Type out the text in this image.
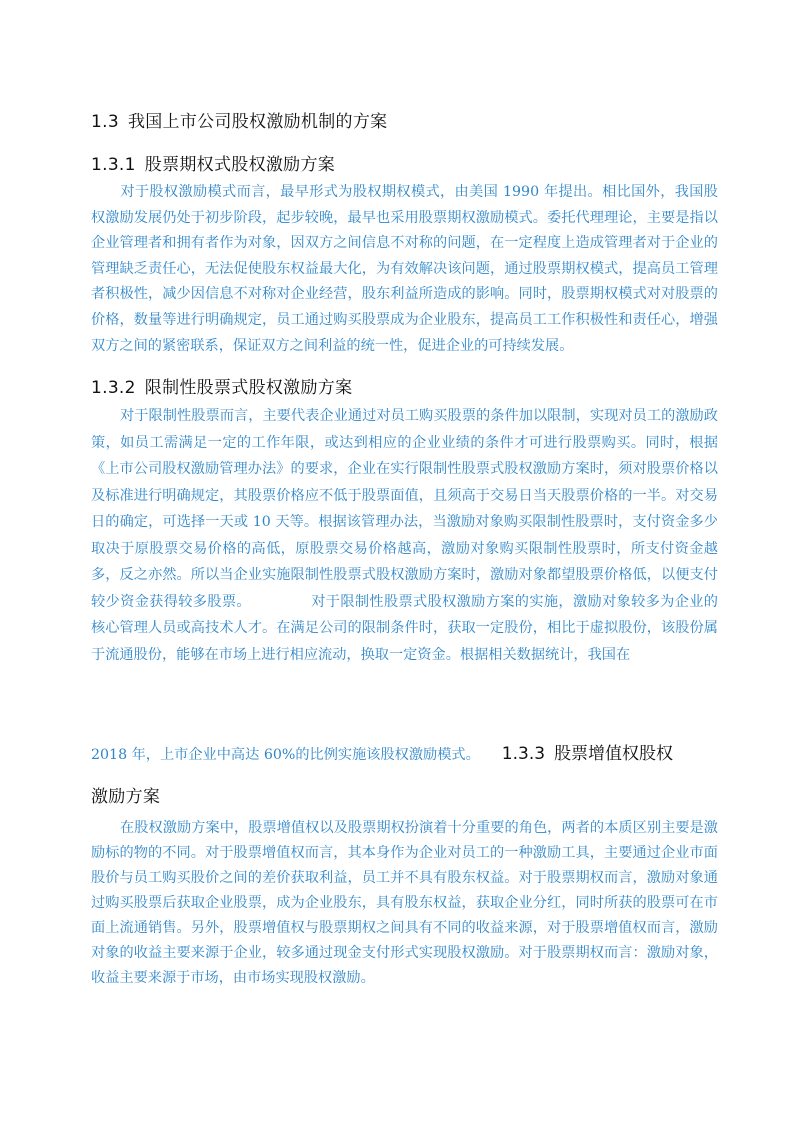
1.3 我国上市公司股权激励机制的方案
1.3.1 股票期权式股权激励方案
对于股权激励模式而言，最早形式为股权期权模式，由美国 1990 年提出。相比国外，我国股权激励发展仍处于初步阶段，起步较晚，最早也采用股票期权激励模式。委托代理理论，主要是指以企业管理者和拥有者作为对象，因双方之间信息不对称的问题，在一定程度上造成管理者对于企业的管理缺乏责任心，无法促使股东权益最大化，为有效解决该问题，通过股票期权模式，提高员工管理者积极性，减少因信息不对称对企业经营，股东利益所造成的影响。同时，股票期权模式对对股票的价格，数量等进行明确规定，员工通过购买股票成为企业股东，提高员工工作积极性和责任心，增强双方之间的紧密联系，保证双方之间利益的统一性，促进企业的可持续发展。
1.3.2 限制性股票式股权激励方案
对于限制性股票而言，主要代表企业通过对员工购买股票的条件加以限制，实现对员工的激励政策，如员工需满足一定的工作年限，或达到相应的企业业绩的条件才可进行股票购买。同时，根据《上市公司股权激励管理办法》的要求，企业在实行限制性股票式股权激励方案时，须对股票价格以及标准进行明确规定，其股票价格应不低于股票面值，且须高于交易日当天股票价格的一半。对交易日的确定，可选择一天或 10 天等。根据该管理办法，当激励对象购买限制性股票时，支付资金多少取决于原股票交易价格的高低，原股票交易价格越高，激励对象购买限制性股票时，所支付资金越多，反之亦然。所以当企业实施限制性股票式股权激励方案时，激励对象都望股票价格低，以便支付较少资金获得较多股票。	对于限制性股票式股权激励方案的实施，激励对象较多为企业的核心管理人员或高技术人才。在满足公司的限制条件时，获取一定股份，相比于虚拟股份，该股份属于流通股份，能够在市场上进行相应流动，换取一定资金。根据相关数据统计，我国在
2018 年，上市企业中高达 60%的比例实施该股权激励模式。 1.3.3 股票增值权股权
激励方案
在股权激励方案中，股票增值权以及股票期权扮演着十分重要的角色，两者的本质区别主要是激励标的物的不同。对于股票增值权而言，其本身作为企业对员工的一种激励工具，主要通过企业市面股价与员工购买股价之间的差价获取利益，员工并不具有股东权益。对于股票期权而言，激励对象通过购买股票后获取企业股票，成为企业股东，具有股东权益，获取企业分红，同时所获的股票可在市面上流通销售。另外，股票增值权与股票期权之间具有不同的收益来源，对于股票增值权而言，激励对象的收益主要来源于企业，较多通过现金支付形式实现股权激励。对于股票期权而言：激励对象，收益主要来源于市场，由市场实现股权激励。
